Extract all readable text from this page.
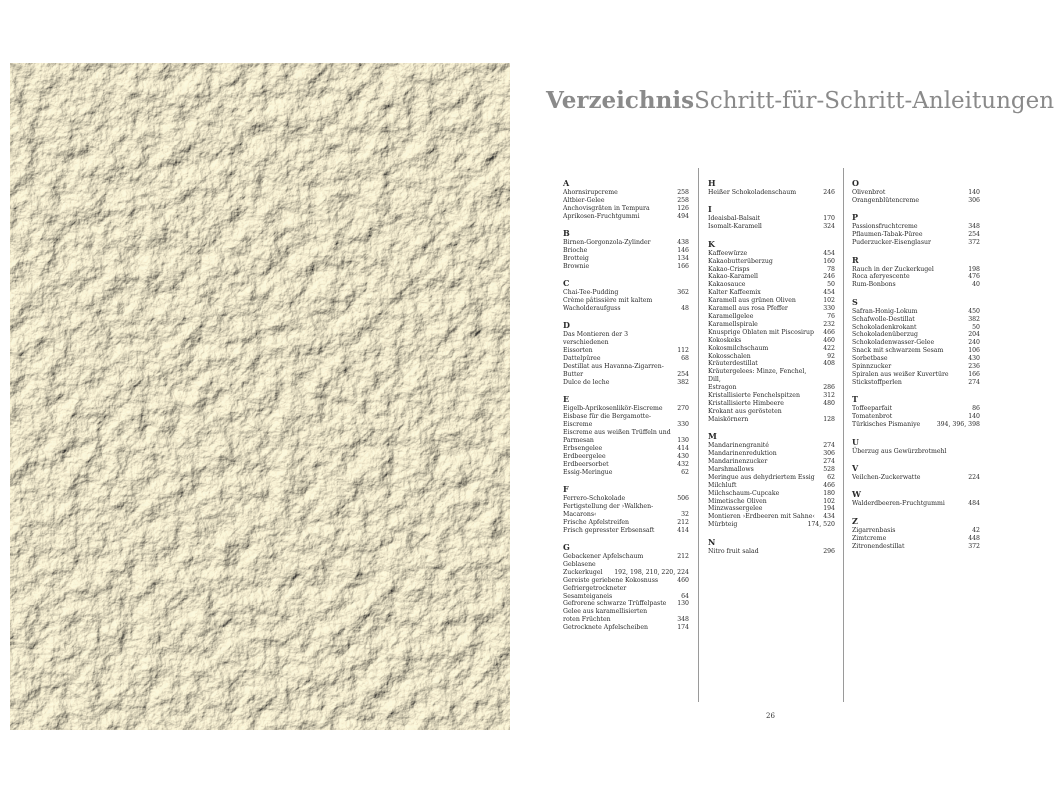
VerzeichnisSchritt-für-Schritt-Anleitungen
A
Ahornsirupcreme	258
Altbier-Gelee	258
Anchovisgräten in Tempura	126
Aprikosen-Fruchtgummi	494
B
Birnen-Gorgonzola-Zylinder	438
Brioche	146
Brotteig	134
Brownie	166
C
Chai-Tee-Pudding	362
Crème pâtissière mit kaltem
Wacholderaufguss	48
D
Das Montieren der 3 verschiedenen
Eissorten	112
Dattelpüree	68
Destillat aus Havanna-Zigarren-Butter	254
Dulce de leche	382
E
Eigelb-Aprikosenlikör-Eiscreme	270
Eisbase für die Bergamotte-Eiscreme	330
Eiscreme aus weißen Trüffeln und
Parmesan	130
Erbsengelee	414
Erdbeergelee	430
Erdbeersorbet	432
Essig-Meringue	62
F
Ferrero-Schokolade	506
Fertigstellung der ›Walkhen-Macarons‹	32
Frische Apfelstreifen	212
Frisch gepresster Erbsensaft	414
G
Gebackener Apfelschaum	212
Geblasene Zuckerkugel	192, 198, 210, 220, 224
Gereiste geriebene Kokosnuss	460
Gefriergetrockneter Sesamteiganeis	64
Gefrorene schwarze Trüffelpaste	130
Gelee aus karamellisierten
roten Früchten	348
Getrocknete Apfelscheiben	174
H
Heißer Schokoladenschaum	246
I
Ideaisbal-Balsait	170
Isomalt-Karamell	324
K
Kaffeewürze	454
Kakaobutterüberzug	160
Kakao-Crisps	78
Kakao-Karamell	246
Kakaosauce	50
Kalter Kaffeemix	454
Karamell aus grünen Oliven	102
Karamell aus rosa Pfeffer	330
Karamellgelee	76
Karamellspirale	232
Knusprige Oblaten mit Piscosirup	466
Kokoskeks	460
Kokosmilchschaum	422
Kokosschalen	92
Kräuterdestillat	408
Kräutergelees: Minze, Fenchel, Dill,
Estragon	286
Kristallisierte Fenchelspitzen	312
Kristallisierte Himbeere	480
Krokant aus gerösteten Maiskörnern	128
M
Mandarinengranité	274
Mandarinenreduktion	306
Mandarinenzucker	274
Marshmallows	528
Meringue aus dehydriertem Essig	62
Milchluft	466
Milchschaum-Cupcake	180
Mimetische Oliven	102
Minzwassergelee	194
Montieren ›Erdbeeren mit Sahne‹	434
Mürbteig	174, 520
N
Nitro fruit salad	296
O
Olivenbrot	140
Orangenblütencreme	306
P
Passionsfruchtcreme	348
Pflaumen-Tabak-Püree	254
Puderzucker-Eisenglasur	372
R
Rauch in der Zuckerkugel	198
Roca aferyescente	476
Rum-Bonbons	40
S
Safran-Honig-Lokum	450
Schafwolle-Destillat	382
Schokoladenkrokant	50
Schokoladenüberzug	204
Schokoladenwasser-Gelee	240
Snack mit schwarzem Sesam	106
Sorbetbase	430
Spinnzucker	236
Spiralen aus weißer Kuvertüre	166
Stickstoffperlen	274
T
Toffeeparfait	86
Tomatenbrot	140
Türkisches Pismaniye	394, 396, 398
U
Überzug aus Gewürzbrotmehl
V
Veilchen-Zuckerwatte	224
W
Walderdbeeren-Fruchtgummi	484
Z
Zigarrenbasis	42
Zimtcreme	448
Zitronendestillat	372
26
